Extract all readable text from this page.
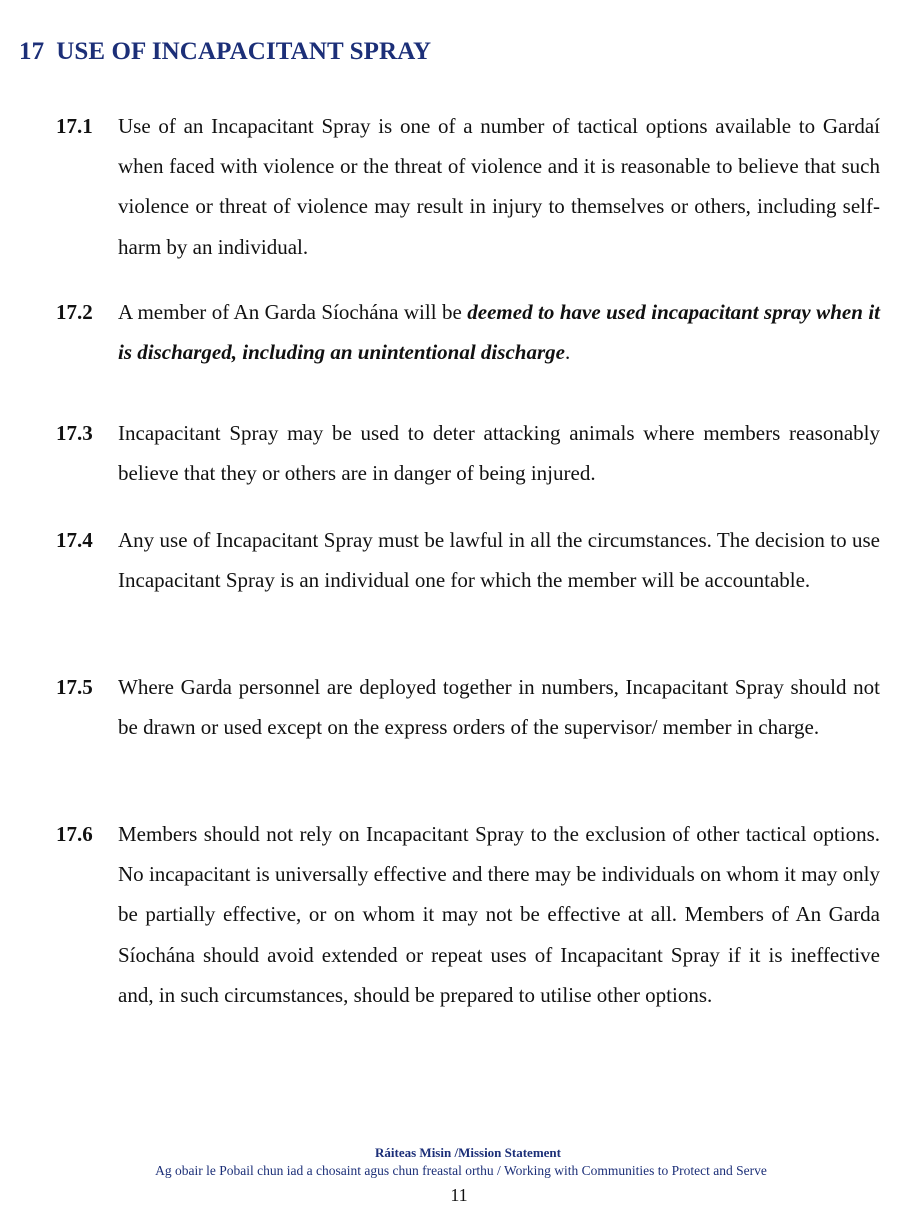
17 USE OF INCAPACITANT SPRAY
17.1 Use of an Incapacitant Spray is one of a number of tactical options available to Gardaí when faced with violence or the threat of violence and it is reasonable to believe that such violence or threat of violence may result in injury to themselves or others, including self-harm by an individual.

17.2 A member of An Garda Síochána will be deemed to have used incapacitant spray when it is discharged, including an unintentional discharge.

17.3 Incapacitant Spray may be used to deter attacking animals where members reasonably believe that they or others are in danger of being injured.

17.4 Any use of Incapacitant Spray must be lawful in all the circumstances. The decision to use Incapacitant Spray is an individual one for which the member will be accountable.

17.5 Where Garda personnel are deployed together in numbers, Incapacitant Spray should not be drawn or used except on the express orders of the supervisor/ member in charge.

17.6 Members should not rely on Incapacitant Spray to the exclusion of other tactical options. No incapacitant is universally effective and there may be individuals on whom it may only be partially effective, or on whom it may not be effective at all. Members of An Garda Síochána should avoid extended or repeat uses of Incapacitant Spray if it is ineffective and, in such circumstances, should be prepared to utilise other options.

Ráiteas Misin /Mission Statement
Ag obair le Pobail chun iad a chosaint agus chun freastal orthu / Working with Communities to Protect and Serve
11
